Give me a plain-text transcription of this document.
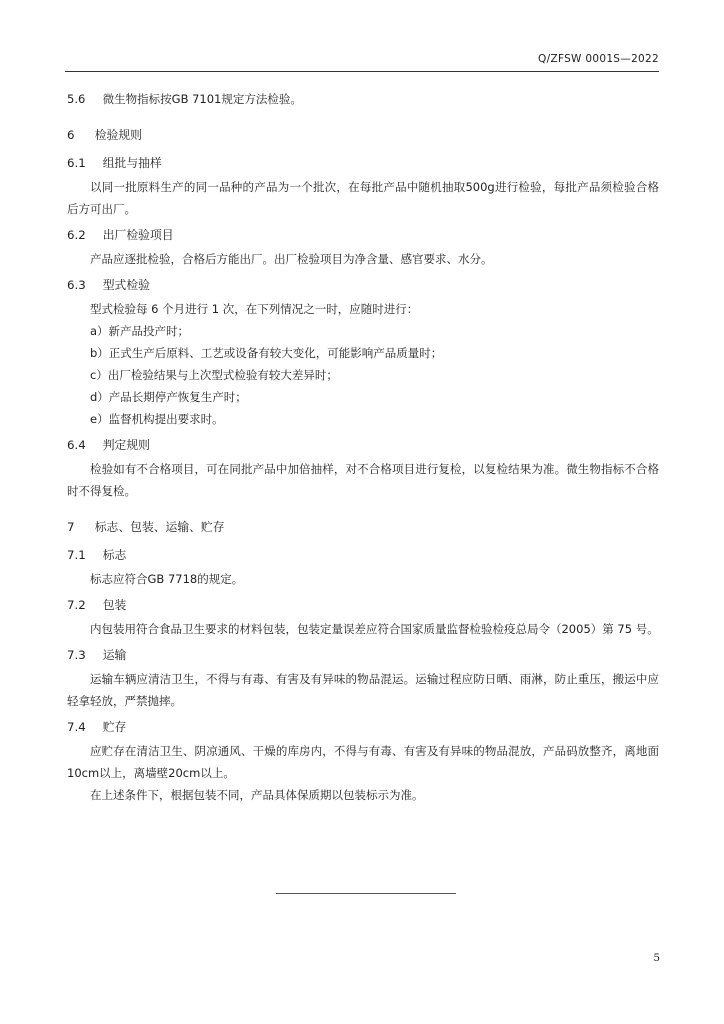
Q/ZFSW 0001S—2022

5.6 微生物指标按GB 7101规定方法检验。

6 检验规则

6.1 组批与抽样

以同一批原料生产的同一品种的产品为一个批次，在每批产品中随机抽取500g进行检验，每批产品须检验合格后方可出厂。

6.2 出厂检验项目

产品应逐批检验，合格后方能出厂。出厂检验项目为净含量、感官要求、水分。

6.3 型式检验

型式检验每 6 个月进行 1 次，在下列情况之一时，应随时进行：

a）新产品投产时；

b）正式生产后原料、工艺或设备有较大变化，可能影响产品质量时；

c）出厂检验结果与上次型式检验有较大差异时；

d）产品长期停产恢复生产时；

e）监督机构提出要求时。

6.4 判定规则

检验如有不合格项目，可在同批产品中加倍抽样，对不合格项目进行复检，以复检结果为准。微生物指标不合格时不得复检。

7 标志、包装、运输、贮存

7.1 标志

标志应符合GB 7718的规定。

7.2 包装

内包装用符合食品卫生要求的材料包装，包装定量误差应符合国家质量监督检验检疫总局令（2005）第 75 号。

7.3 运输

运输车辆应清洁卫生，不得与有毒、有害及有异味的物品混运。运输过程应防日晒、雨淋，防止重压，搬运中应轻拿轻放，严禁抛摔。

7.4 贮存

应贮存在清洁卫生、阴凉通风、干燥的库房内，不得与有毒、有害及有异味的物品混放，产品码放整齐，离地面10cm以上，离墙壁20cm以上。

在上述条件下，根据包装不同，产品具体保质期以包装标示为准。

5
